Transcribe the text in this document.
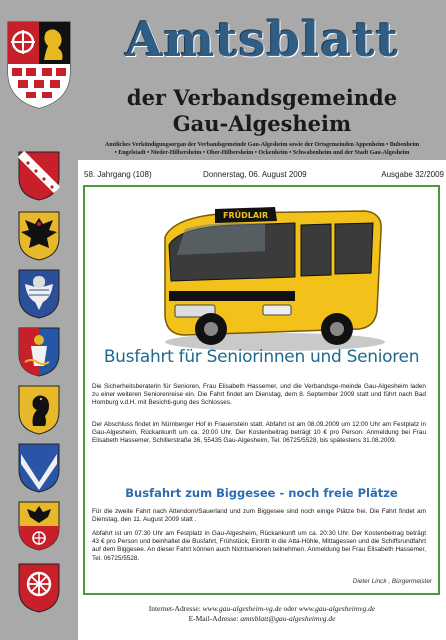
Amtsblatt
der Verbandsgemeinde
Gau-Algesheim
Amtliches Verkündigungsorgan der Verbandsgemeinde Gau-Algesheim sowie der Ortsgemeinden Appenheim • Bubenheim
• Engelstadt • Nieder-Hilbersheim • Ober-Hilbersheim • Ockenheim • Schwabenheim und der Stadt Gau-Algesheim
58. Jahrgang (108)	Donnerstag, 06. August 2009	Ausgabe 32/2009
FRÜDLAIR
Busfahrt für Seniorinnen und Senioren
Die Sicherheitsberaterin für Senioren, Frau Elisabeth Hassemer, und die Verbandsge-meinde Gau-Algesheim laden zu einer weiteren Seniorenreise ein. Die Fahrt findet am Dienstag, dem 8. September 2009 statt und führt nach Bad Homburg v.d.H. mit Besichti-gung des Schlosses.
Der Abschluss findet im Nürnberger Hof in Frauenstein statt. Abfahrt ist am 08.09.2009 um 12:00 Uhr am Festplatz in Gau-Algesheim, Rückankunft um ca. 20:00 Uhr. Der Kostenbeitrag beträgt 10 € pro Person. Anmeldung bei Frau Elisabeth Hassemer, Schillerstraße 36, 55435 Gau-Algesheim, Tel. 06725/5528, bis spätestens 31.08.2009.
Busfahrt zum Biggesee - noch freie Plätze
Für die zweite Fahrt nach Attendorn/Sauerland und zum Biggesee sind noch einige Plätze frei. Die Fahrt findet am Dienstag, den 11. August 2009 statt .
Abfahrt ist um 07:30 Uhr am Festplatz in Gau-Algesheim, Rückankunft um ca. 20:30 Uhr. Der Kostenbeitrag beträgt 43 € pro Person und beinhaltet die Busfahrt, Frühstück, Eintritt in die Atta-Höhle, Mittagessen und die Schiffsrundfahrt auf dem Biggesee. An dieser Fahrt können auch Nichtsenioren teilnehmen. Anmeldung bei Frau Elisabeth Hassemer, Tel. 06725/5528.
Dieter Linck , Bürgermeister
Internet-Adresse: www.gau-algesheim-vg.de oder www.gau-algesheimvg.de
E-Mail-Adresse: amtsblatt@gau-algesheimvg.de
